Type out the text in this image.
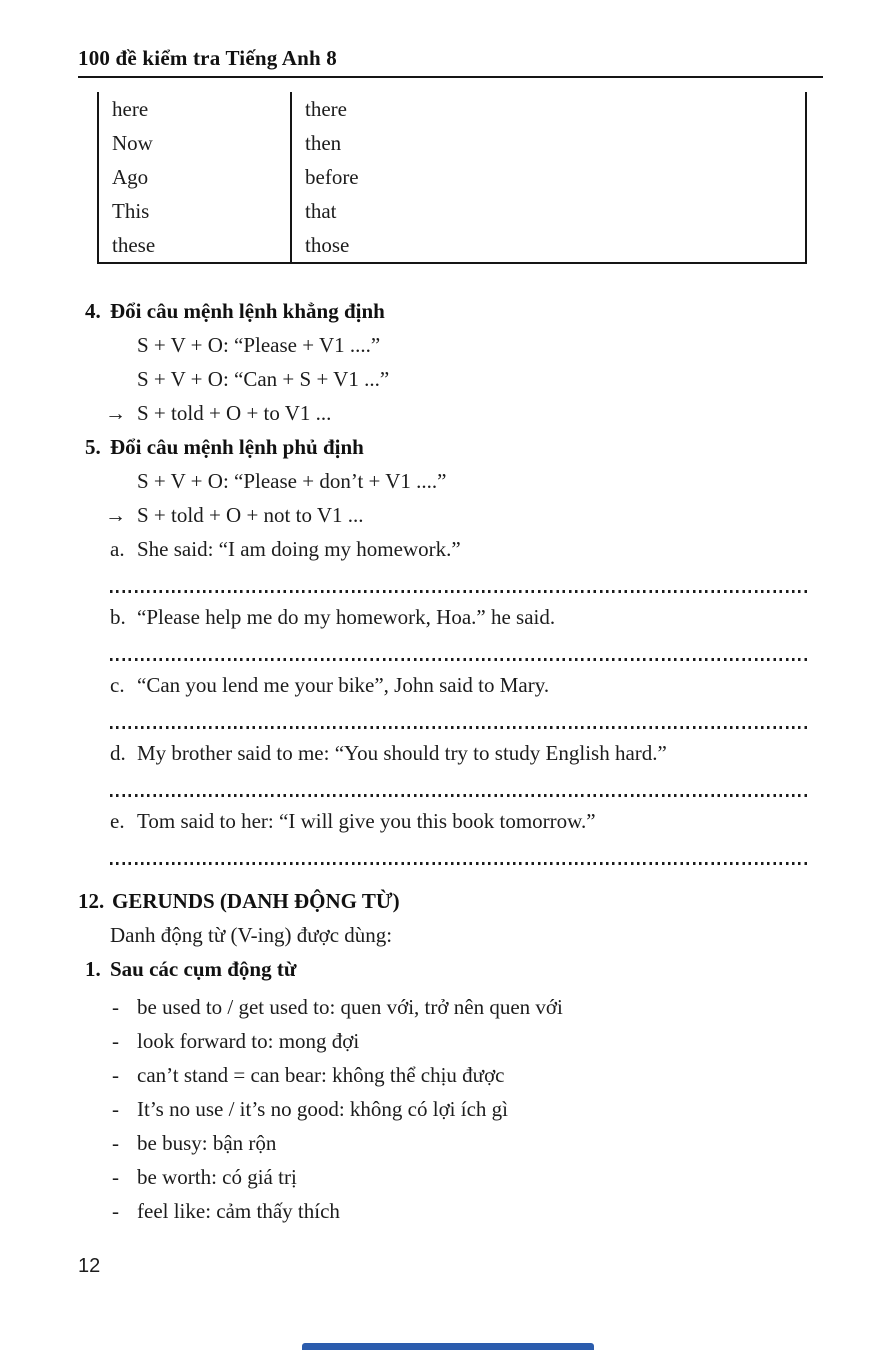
100 đề kiểm tra Tiếng Anh 8
here	there
Now	then
Ago	before
This	that
these	those
4. Đổi câu mệnh lệnh khẳng định
S + V + O: “Please + V1 ....”
S + V + O: “Can + S + V1 ...”
→ S + told + O + to V1 ...
5. Đổi câu mệnh lệnh phủ định
S + V + O: “Please + don’t + V1 ....”
→ S + told + O + not to V1 ...
a. She said: “I am doing my homework.”
b. “Please help me do my homework, Hoa.” he said.
c. “Can you lend me your bike”, John said to Mary.
d. My brother said to me: “You should try to study English hard.”
e. Tom said to her: “I will give you this book tomorrow.”
12. GERUNDS (DANH ĐỘNG TỪ)
Danh động từ (V-ing) được dùng:
1. Sau các cụm động từ
- be used to / get used to: quen với, trở nên quen với
- look forward to: mong đợi
- can’t stand = can bear: không thể chịu được
- It’s no use / it’s no good: không có lợi ích gì
- be busy: bận rộn
- be worth: có giá trị
- feel like: cảm thấy thích
12
